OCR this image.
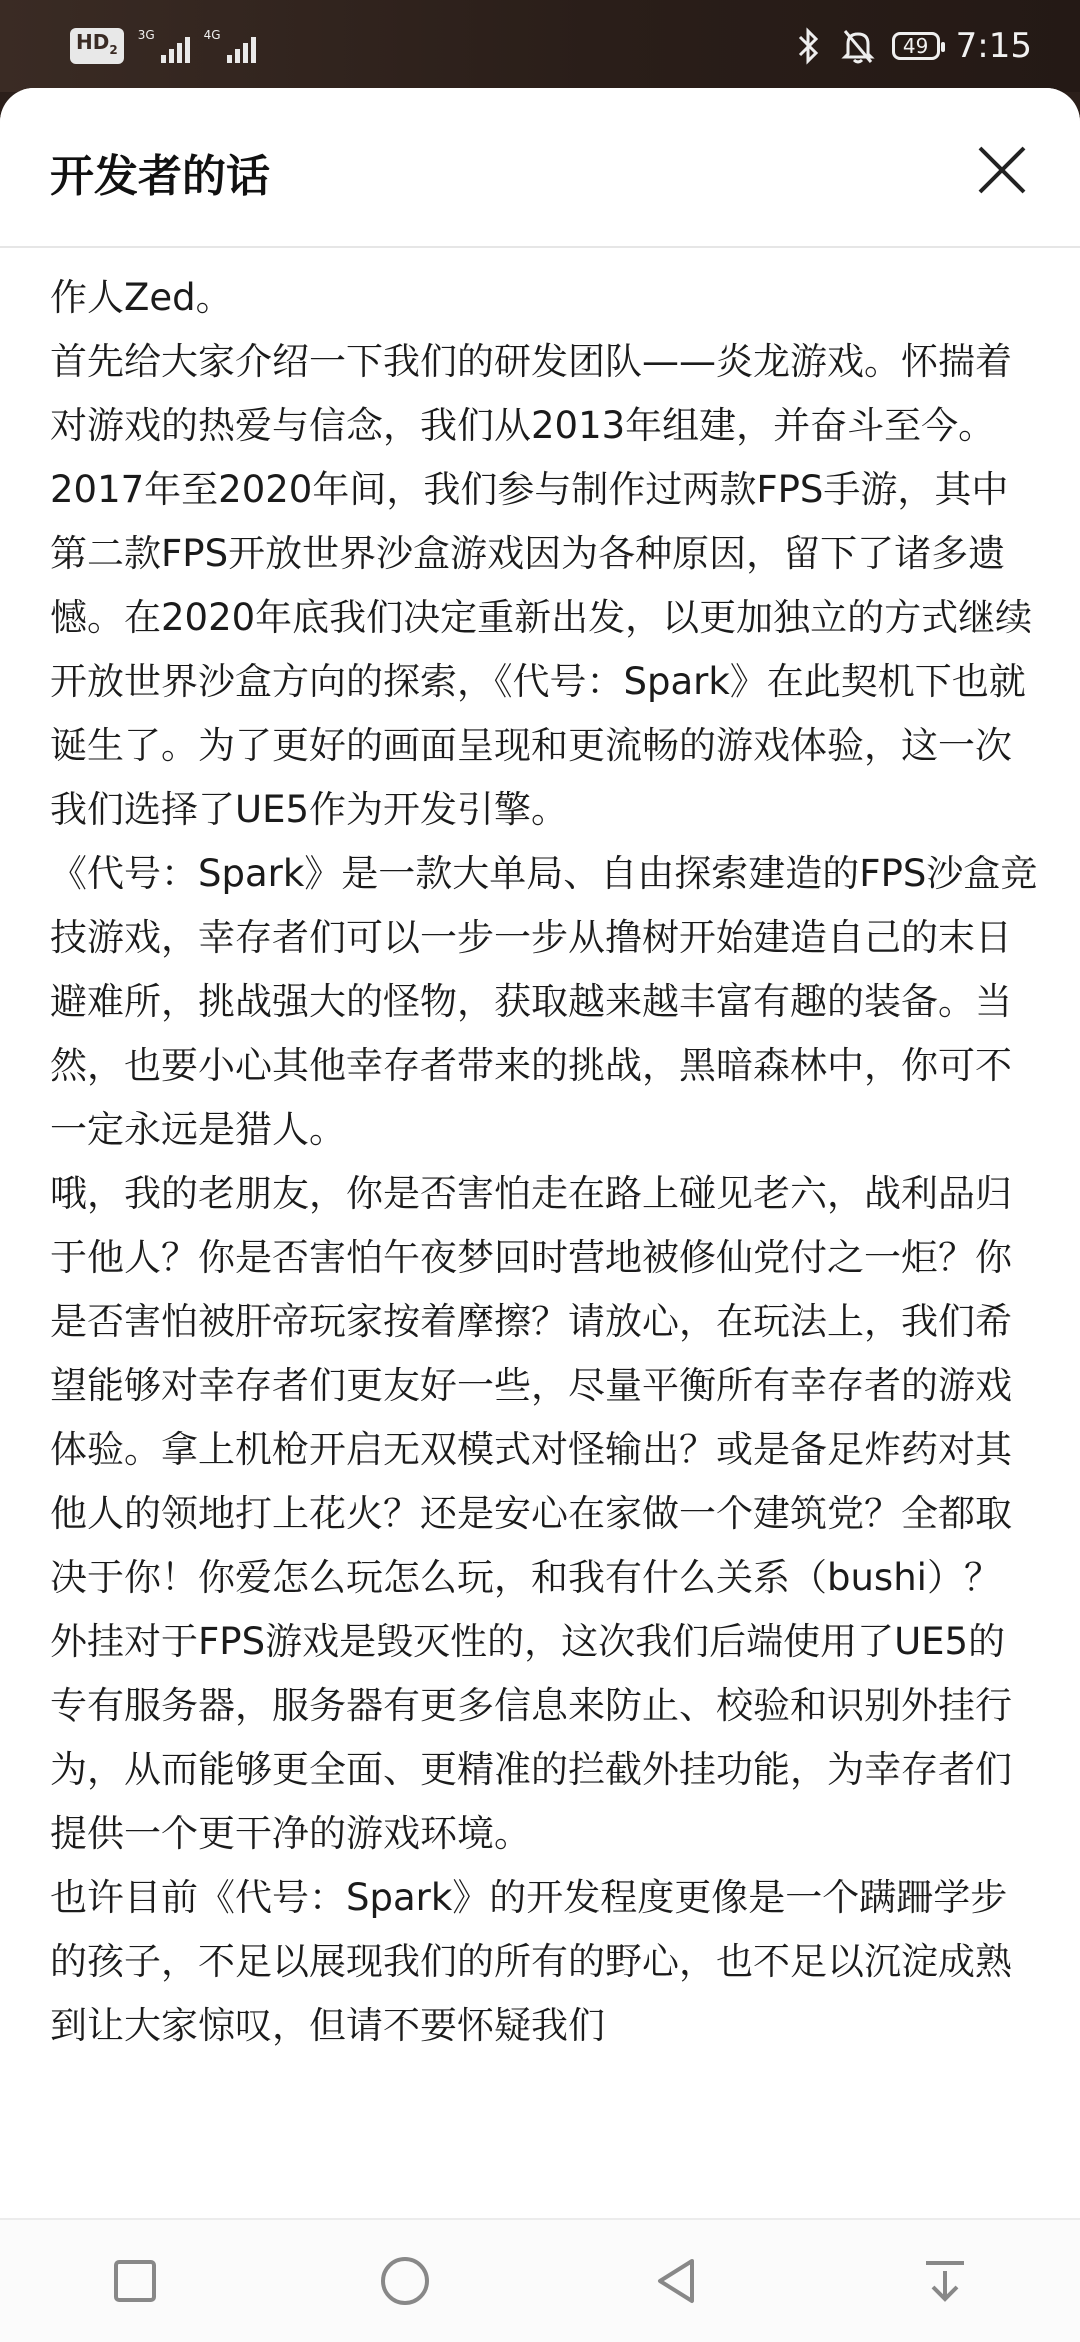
$HD_2$
3G	4G	49 7:15
开发者的话

作人Zed。

首先给大家介绍一下我们的研发团队——炎龙游戏。怀揣着对游戏的热爱与信念，我们从2013年组建，并奋斗至今。2017年至2020年间，我们参与制作过两款FPS手游，其中第二款FPS开放世界沙盒游戏因为各种原因，留下了诸多遗憾。在2020年底我们决定重新出发，以更加独立的方式继续开放世界沙盒方向的探索，《代号：Spark》在此契机下也就诞生了。为了更好的画面呈现和更流畅的游戏体验，这一次我们选择了UE5作为开发引擎。

《代号：Spark》是一款大单局、自由探索建造的FPS沙盒竞技游戏，幸存者们可以一步一步从撸树开始建造自己的末日避难所，挑战强大的怪物，获取越来越丰富有趣的装备。当然，也要小心其他幸存者带来的挑战，黑暗森林中，你可不一定永远是猎人。

哦，我的老朋友，你是否害怕走在路上碰见老六，战利品归于他人？你是否害怕午夜梦回时营地被修仙党付之一炬？你是否害怕被肝帝玩家按着摩擦？请放心，在玩法上，我们希望能够对幸存者们更友好一些，尽量平衡所有幸存者的游戏体验。拿上机枪开启无双模式对怪输出？或是备足炸药对其他人的领地打上花火？还是安心在家做一个建筑党？全都取决于你！你爱怎么玩怎么玩，和我有什么关系（bushi）？

外挂对于FPS游戏是毁灭性的，这次我们后端使用了UE5的专有服务器，服务器有更多信息来防止、校验和识别外挂行为，从而能够更全面、更精准的拦截外挂功能，为幸存者们提供一个更干净的游戏环境。

也许目前《代号：Spark》的开发程度更像是一个蹒跚学步的孩子，不足以展现我们的所有的野心，也不足以沉淀成熟到让大家惊叹，但请不要怀疑我们
